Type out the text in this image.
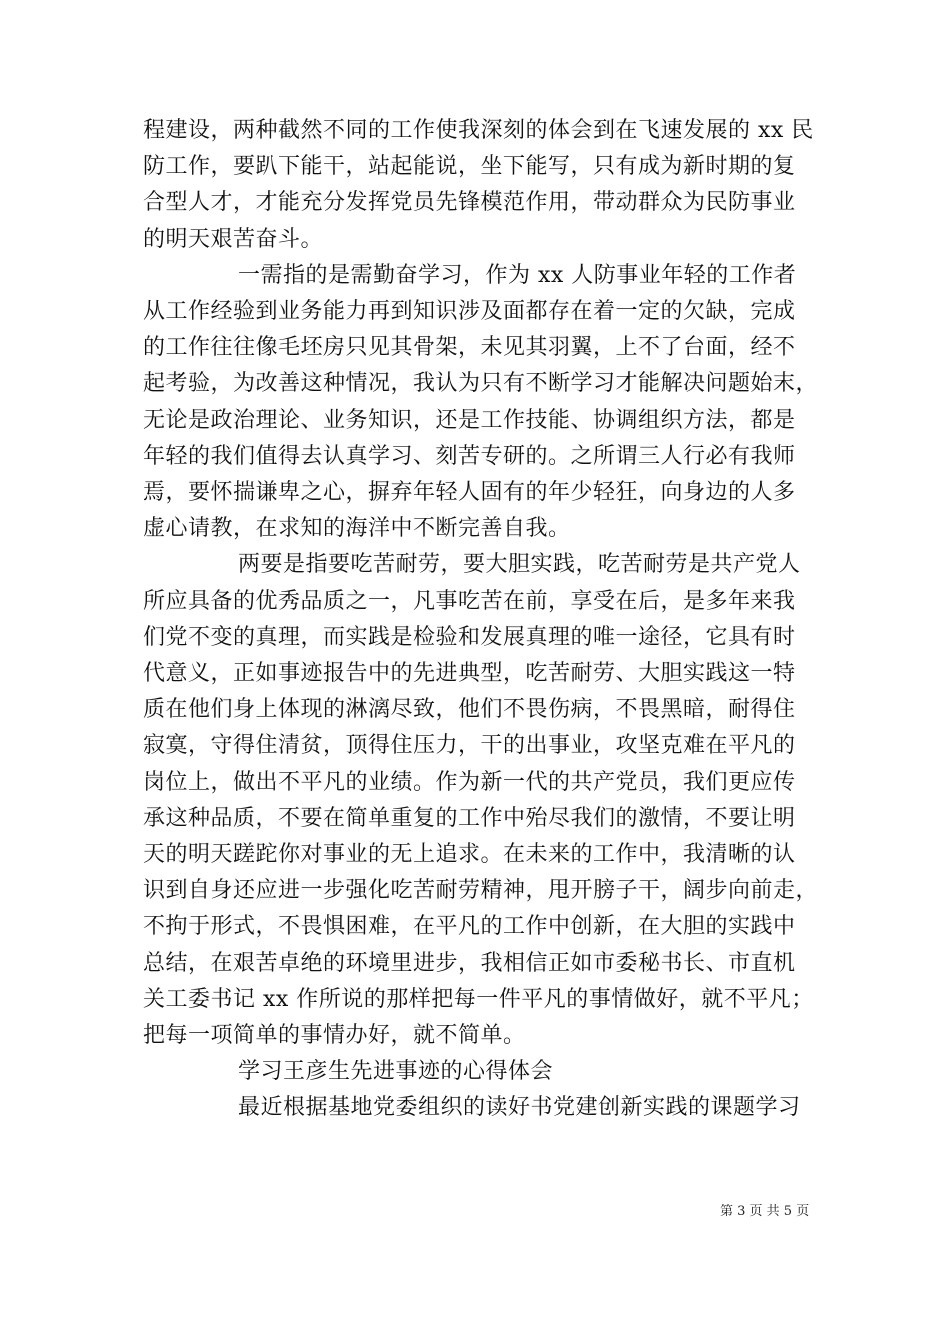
程建设，两种截然不同的工作使我深刻的体会到在飞速发展的 xx 民
防工作，要趴下能干，站起能说，坐下能写，只有成为新时期的复
合型人才，才能充分发挥党员先锋模范作用，带动群众为民防事业
的明天艰苦奋斗。
一需指的是需勤奋学习，作为 xx 人防事业年轻的工作者
从工作经验到业务能力再到知识涉及面都存在着一定的欠缺，完成
的工作往往像毛坯房只见其骨架，未见其羽翼，上不了台面，经不
起考验，为改善这种情况，我认为只有不断学习才能解决问题始末，
无论是政治理论、业务知识，还是工作技能、协调组织方法，都是
年轻的我们值得去认真学习、刻苦专研的。之所谓三人行必有我师
焉，要怀揣谦卑之心，摒弃年轻人固有的年少轻狂，向身边的人多
虚心请教，在求知的海洋中不断完善自我。
两要是指要吃苦耐劳，要大胆实践，吃苦耐劳是共产党人
所应具备的优秀品质之一，凡事吃苦在前，享受在后，是多年来我
们党不变的真理，而实践是检验和发展真理的唯一途径，它具有时
代意义，正如事迹报告中的先进典型，吃苦耐劳、大胆实践这一特
质在他们身上体现的淋漓尽致，他们不畏伤病，不畏黑暗，耐得住
寂寞，守得住清贫，顶得住压力，干的出事业，攻坚克难在平凡的
岗位上，做出不平凡的业绩。作为新一代的共产党员，我们更应传
承这种品质，不要在简单重复的工作中殆尽我们的激情，不要让明
天的明天蹉跎你对事业的无上追求。在未来的工作中，我清晰的认
识到自身还应进一步强化吃苦耐劳精神，甩开膀子干，阔步向前走，
不拘于形式，不畏惧困难，在平凡的工作中创新，在大胆的实践中
总结，在艰苦卓绝的环境里进步，我相信正如市委秘书长、市直机
关工委书记 xx 作所说的那样把每一件平凡的事情做好，就不平凡；
把每一项简单的事情办好，就不简单。
学习王彦生先进事迹的心得体会
最近根据基地党委组织的读好书党建创新实践的课题学习
第 3 页 共 5 页
